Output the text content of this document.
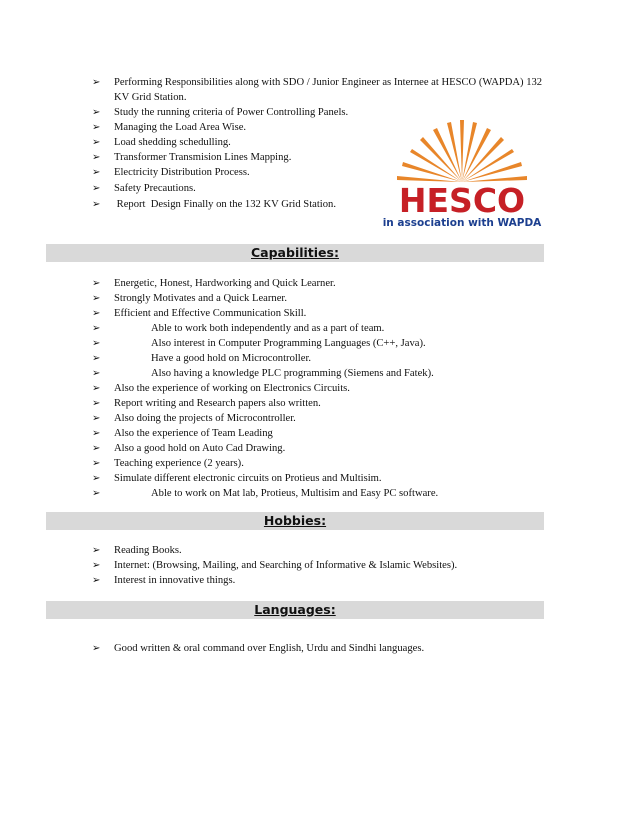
➢	Performing Responsibilities along with SDO / Junior Engineer as Internee at HESCO (WAPDA) 132 KV Grid Station.
➢	Study the running criteria of Power Controlling Panels.
➢	Managing the Load Area Wise.
➢	Load shedding schedulling.
➢	Transformer Transmision Lines Mapping.
➢	Electricity Distribution Process.
➢	Safety Precautions.
➢	Report  Design Finally on the 132 KV Grid Station.	HESCO
in association with WAPDA
Capabilities:
➢	Energetic, Honest, Hardworking and Quick Learner.
➢	Strongly Motivates and a Quick Learner.
➢	Efficient and Effective Communication Skill.
➢	Able to work both independently and as a part of team.
➢	Also interest in Computer Programming Languages (C++, Java).
➢	Have a good hold on Microcontroller.
➢	Also having a knowledge PLC programming (Siemens and Fatek).
➢	Also the experience of working on Electronics Circuits.
➢	Report writing and Research papers also written.
➢	Also doing the projects of Microcontroller.
➢	Also the experience of Team Leading
➢	Also a good hold on Auto Cad Drawing.
➢	Teaching experience (2 years).
➢	Simulate different electronic circuits on Protieus and Multisim.
➢	Able to work on Mat lab, Protieus, Multisim and Easy PC software.
Hobbies:
➢	Reading Books.
➢	Internet: (Browsing, Mailing, and Searching of Informative & Islamic Websites).
➢	Interest in innovative things.
Languages:
➢	Good written & oral command over English, Urdu and Sindhi languages.
